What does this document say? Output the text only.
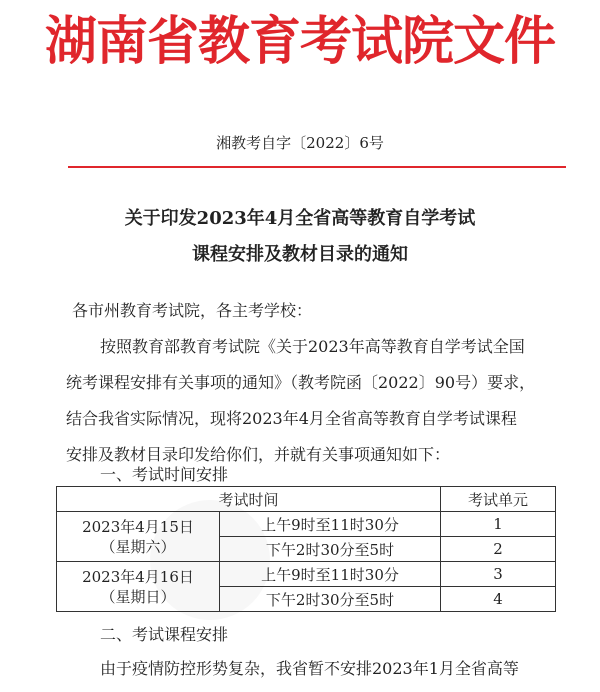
湖南省教育考试院文件
湘教考自字〔2022〕6号
关于印发2023年4月全省高等教育自学考试
课程安排及教材目录的通知
各市州教育考试院，各主考学校：
按照教育部教育考试院《关于2023年高等教育自学考试全国
统考课程安排有关事项的通知》（教考院函〔2022〕90号）要求，
结合我省实际情况，现将2023年4月全省高等教育自学考试课程
安排及教材目录印发给你们，并就有关事项通知如下：
一、考试时间安排
考试时间		考试单元

2023年4月15日
（星期六）	上午9时至11时30分	1
	下午2时30分至5时	2

2023年4月16日
（星期日）	上午9时至11时30分	3
	下午2时30分至5时	4
二、考试课程安排
由于疫情防控形势复杂，我省暂不安排2023年1月全省高等
